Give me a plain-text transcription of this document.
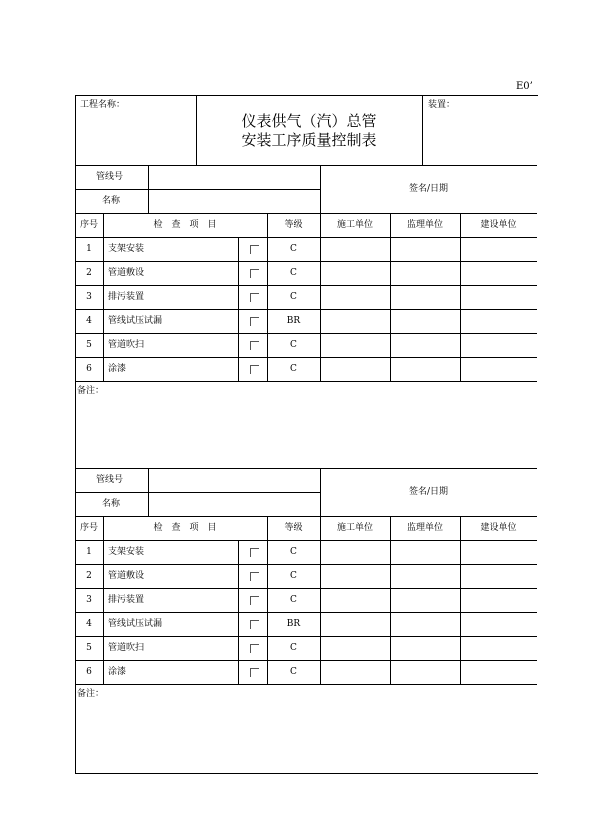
E0’
工程名称：
仪表供气（汽）总管
安装工序质量控制表
装置：
管线号
名称
签名/日期
序号	检　查　项　目	等级	施工单位	监理单位	建设单位
1	支架安装	C
2	管道敷设	C
3	排污装置	C
4	管线试压试漏	BR
5	管道吹扫	C
6	涂漆	C
备注：
管线号
名称
签名/日期
序号	检　查　项　目	等级	施工单位	监理单位	建设单位
1	支架安装	C
2	管道敷设	C
3	排污装置	C
4	管线试压试漏	BR
5	管道吹扫	C
6	涂漆	C
备注：
